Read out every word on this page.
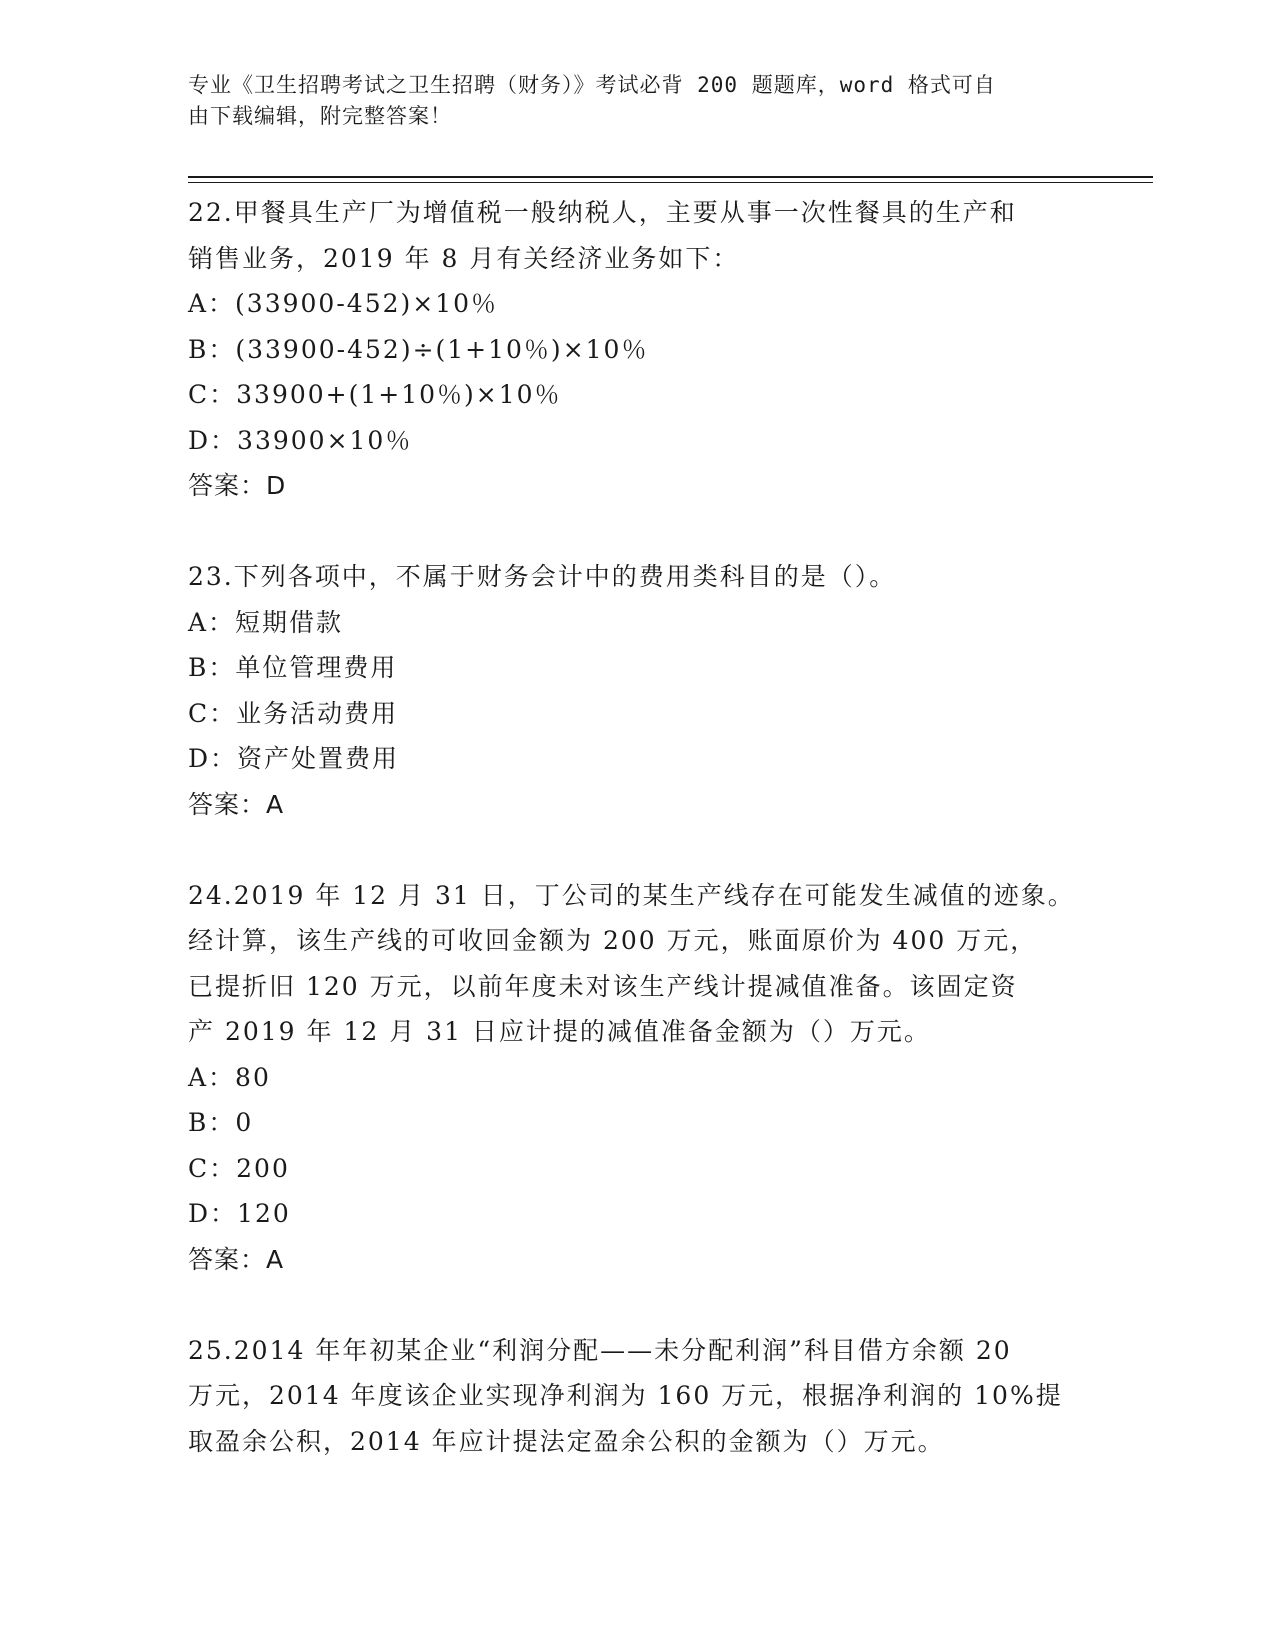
专业《卫生招聘考试之卫生招聘（财务）》考试必背 200 题题库，word 格式可自
由下载编辑，附完整答案！
22.甲餐具生产厂为增值税一般纳税人，主要从事一次性餐具的生产和
销售业务，2019 年 8 月有关经济业务如下：
A：(33900-452)×10％
B：(33900-452)÷(1+10％)×10％
C：33900+(1+10％)×10％
D：33900×10％
答案：D
23.下列各项中，不属于财务会计中的费用类科目的是（）。
A：短期借款
B：单位管理费用
C：业务活动费用
D：资产处置费用
答案：A
24.2019 年 12 月 31 日，丁公司的某生产线存在可能发生减值的迹象。
经计算，该生产线的可收回金额为 200 万元，账面原价为 400 万元，
已提折旧 120 万元，以前年度未对该生产线计提减值准备。该固定资
产 2019 年 12 月 31 日应计提的减值准备金额为（）万元。
A：80
B：0
C：200
D：120
答案：A
25.2014 年年初某企业“利润分配——未分配利润”科目借方余额 20
万元，2014 年度该企业实现净利润为 160 万元，根据净利润的 10%提
取盈余公积，2014 年应计提法定盈余公积的金额为（）万元。
